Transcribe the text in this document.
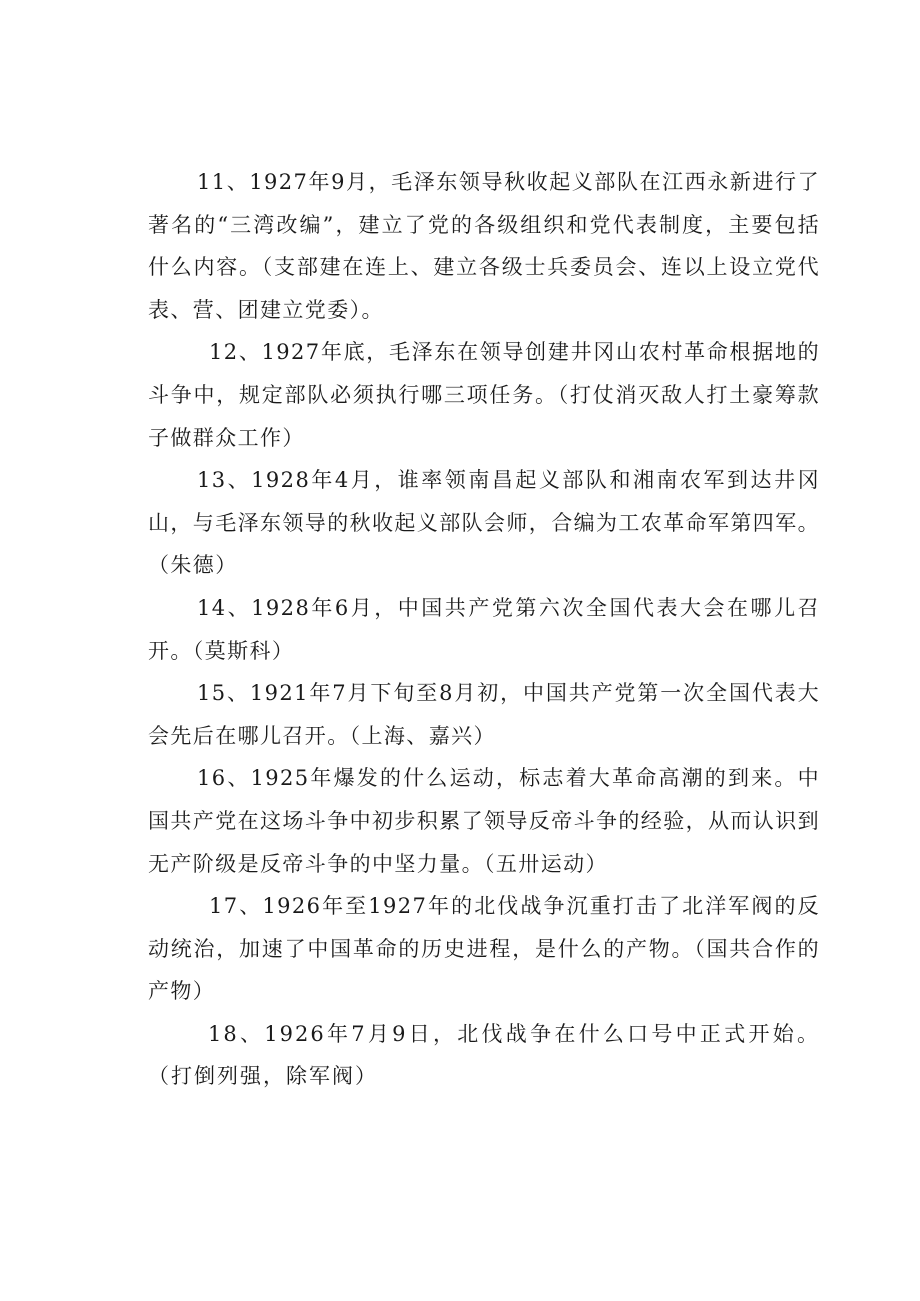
11、1927年9月，毛泽东领导秋收起义部队在江西永新进行了著名的“三湾改编”，建立了党的各级组织和党代表制度，主要包括什么内容。（支部建在连上、建立各级士兵委员会、连以上设立党代表、营、团建立党委）。

12、1927年底，毛泽东在领导创建井冈山农村革命根据地的斗争中，规定部队必须执行哪三项任务。（打仗消灭敌人打土豪筹款子做群众工作）

13、1928年4月，谁率领南昌起义部队和湘南农军到达井冈山，与毛泽东领导的秋收起义部队会师，合编为工农革命军第四军。（朱德）

14、1928年6月，中国共产党第六次全国代表大会在哪儿召开。（莫斯科）

15、1921年7月下旬至8月初，中国共产党第一次全国代表大会先后在哪儿召开。（上海、嘉兴）

16、1925年爆发的什么运动，标志着大革命高潮的到来。中国共产党在这场斗争中初步积累了领导反帝斗争的经验，从而认识到无产阶级是反帝斗争的中坚力量。（五卅运动）

17、1926年至1927年的北伐战争沉重打击了北洋军阀的反动统治，加速了中国革命的历史进程，是什么的产物。（国共合作的产物）

18、1926年7月9日，北伐战争在什么口号中正式开始。（打倒列强，除军阀）
